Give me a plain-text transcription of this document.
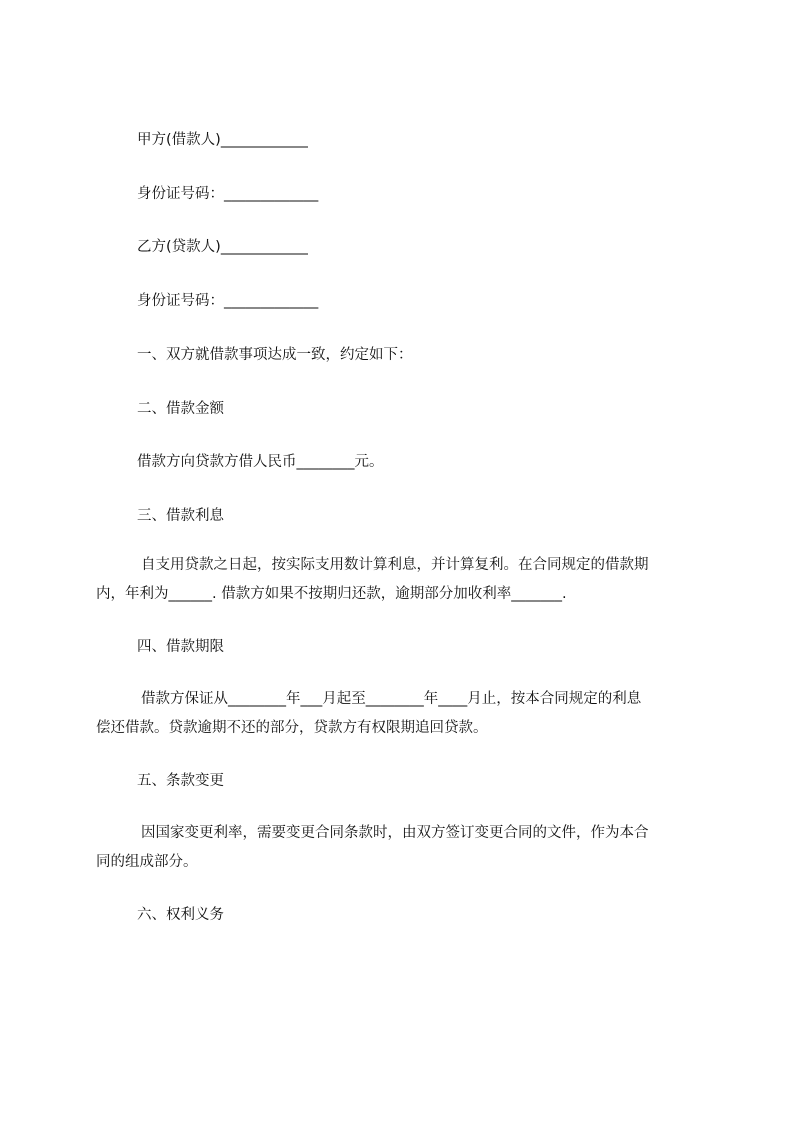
甲方(借款人)____________
身份证号码：_____________
乙方(贷款人)____________
身份证号码：_____________
一、双方就借款事项达成一致，约定如下：
二、借款金额
借款方向贷款方借人民币________元。
三、借款利息
自支用贷款之日起，按实际支用数计算利息，并计算复利。在合同规定的借款期
内，年利为______. 借款方如果不按期归还款，逾期部分加收利率_______.
四、借款期限
借款方保证从________年___月起至________年____月止，按本合同规定的利息
偿还借款。贷款逾期不还的部分，贷款方有权限期追回贷款。
五、条款变更
因国家变更利率，需要变更合同条款时，由双方签订变更合同的文件，作为本合
同的组成部分。
六、权利义务
